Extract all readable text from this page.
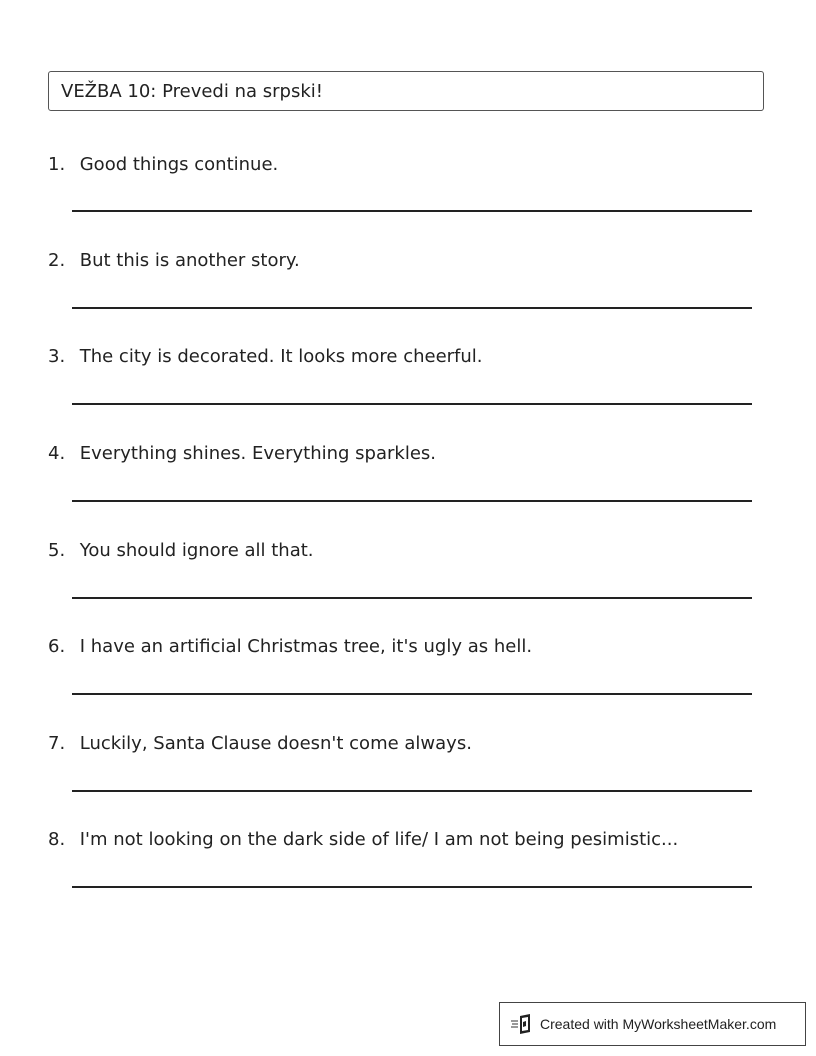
VEŽBA 10: Prevedi na srpski!
1. Good things continue.
2. But this is another story.
3. The city is decorated. It looks more cheerful.
4. Everything shines. Everything sparkles.
5. You should ignore all that.
6. I have an artificial Christmas tree, it's ugly as hell.
7. Luckily, Santa Clause doesn't come always.
8. I'm not looking on the dark side of life/ I am not being pesimistic...
Created with MyWorksheetMaker.com
